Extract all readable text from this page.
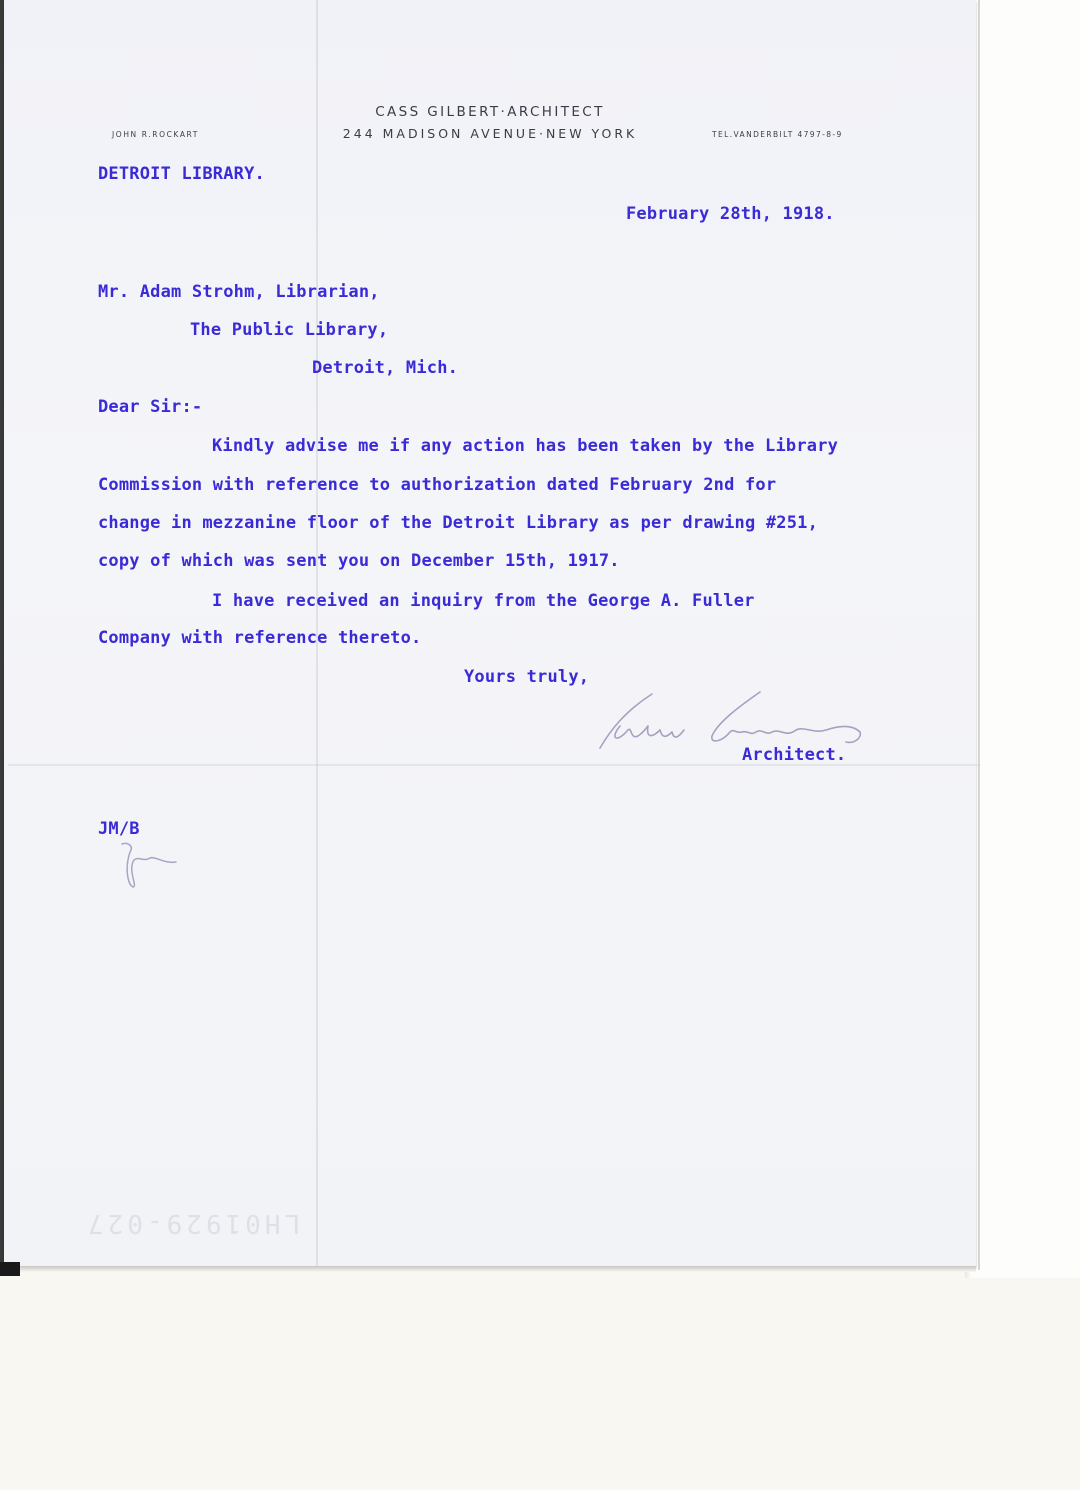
CASS GILBERT·ARCHITECT
244 MADISON AVENUE·NEW YORK
JOHN R.ROCKART	TEL.VANDERBILT 4797-8-9
DETROIT LIBRARY.
February 28th, 1918.
Mr. Adam Strohm, Librarian,
The Public Library,
Detroit, Mich.
Dear Sir:-
Kindly advise me if any action has been taken by the Library
Commission with reference to authorization dated February 2nd for
change in mezzanine floor of the Detroit Library as per drawing #251,
copy of which was sent you on December 15th, 1917.
I have received an inquiry from the George A. Fuller
Company with reference thereto.
Yours truly,
Architect.
JM/B
LH01929-027
